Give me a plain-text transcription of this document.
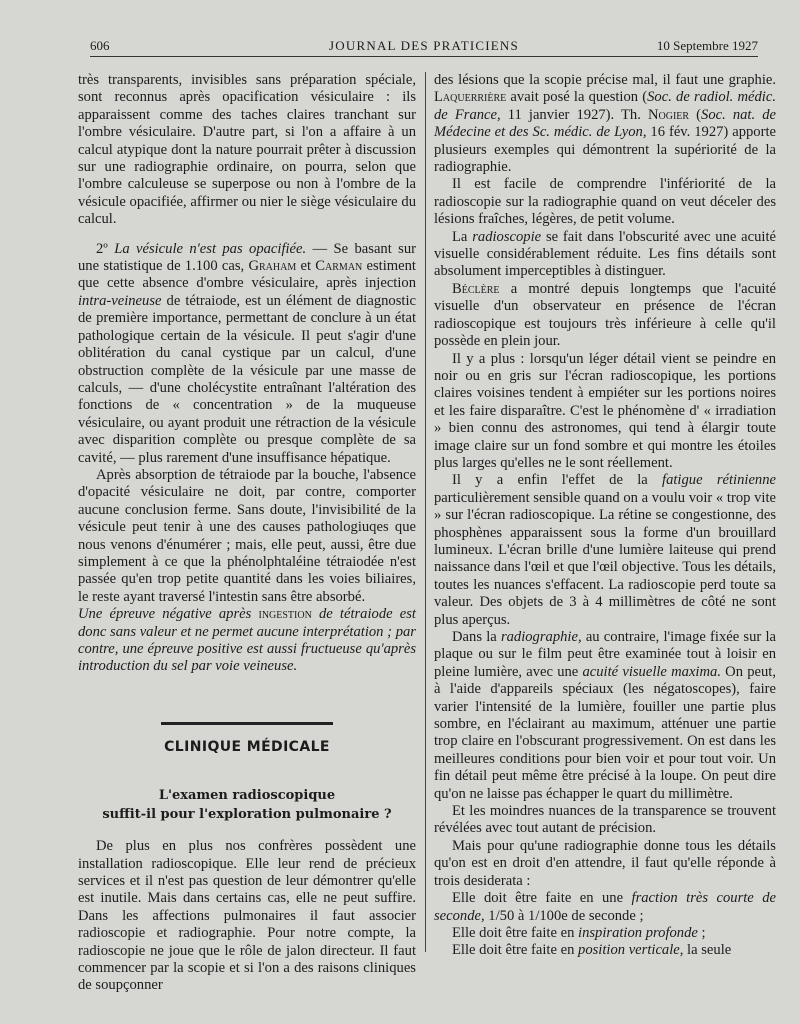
606	JOURNAL DES PRATICIENS	10 Septembre 1927

très transparents, invisibles sans préparation spéciale, sont reconnus après opacification vésiculaire : ils apparaissent comme des taches claires tranchant sur l'ombre vésiculaire. D'autre part, si l'on a affaire à un calcul atypique dont la nature pourrait prêter à discussion sur une radiographie ordinaire, on pourra, selon que l'ombre calculeuse se superpose ou non à l'ombre de la vésicule opacifiée, affirmer ou nier le siège vésiculaire du calcul.

2º La vésicule n'est pas opacifiée. — Se basant sur une statistique de 1.100 cas, Graham et Carman estiment que cette absence d'ombre vésiculaire, après injection intra-veineuse de tétraiode, est un élément de diagnostic de première importance, permettant de conclure à un état pathologique certain de la vésicule. Il peut s'agir d'une oblitération du canal cystique par un calcul, d'une obstruction complète de la vésicule par une masse de calculs, — d'une cholécystite entraînant l'altération des fonctions de « concentration » de la muqueuse vésiculaire, ou ayant produit une rétraction de la vésicule avec disparition complète ou presque complète de sa cavité, — plus rarement d'une insuffisance hépatique.

Après absorption de tétraiode par la bouche, l'absence d'opacité vésiculaire ne doit, par contre, comporter aucune conclusion ferme. Sans doute, l'invisibilité de la vésicule peut tenir à une des causes pathologiuqes que nous venons d'énumérer ; mais, elle peut, aussi, être due simplement à ce que la phénolphtaléine tétraiodée n'est passée qu'en trop petite quantité dans les voies biliaires, le reste ayant traversé l'intestin sans être absorbé.

Une épreuve négative après ingestion de tétraiode est donc sans valeur et ne permet aucune interprétation ; par contre, une épreuve positive est aussi fructueuse qu'après introduction du sel par voie veineuse.

CLINIQUE MÉDICALE
L'examen radioscopique
suffit-il pour l'exploration pulmonaire ?

De plus en plus nos confrères possèdent une installation radioscopique. Elle leur rend de précieux services et il n'est pas question de leur démontrer qu'elle est inutile. Mais dans certains cas, elle ne peut suffire. Dans les affections pulmonaires il faut associer radioscopie et radiographie. Pour notre compte, la radioscopie ne joue que le rôle de jalon directeur. Il faut commencer par la scopie et si l'on a des raisons cliniques de soupçonner

des lésions que la scopie précise mal, il faut une graphie. Laquerrière avait posé la question (Soc. de radiol. médic. de France, 11 janvier 1927). Th. Nogier (Soc. nat. de Médecine et des Sc. médic. de Lyon, 16 fév. 1927) apporte plusieurs exemples qui démontrent la supériorité de la radiographie.

Il est facile de comprendre l'infériorité de la radioscopie sur la radiographie quand on veut déceler des lésions fraîches, légères, de petit volume.

La radioscopie se fait dans l'obscurité avec une acuité visuelle considérablement réduite. Les fins détails sont absolument imperceptibles à distinguer.

Béclère a montré depuis longtemps que l'acuité visuelle d'un observateur en présence de l'écran radioscopique est toujours très inférieure à celle qu'il possède en plein jour.

Il y a plus : lorsqu'un léger détail vient se peindre en noir ou en gris sur l'écran radioscopique, les portions claires voisines tendent à empiéter sur les portions noires et les faire disparaître. C'est le phénomène d' « irradiation » bien connu des astronomes, qui tend à élargir toute image claire sur un fond sombre et qui montre les étoiles plus larges qu'elles ne le sont réellement.

Il y a enfin l'effet de la fatigue rétinienne particulièrement sensible quand on a voulu voir « trop vite » sur l'écran radioscopique. La rétine se congestionne, des phosphènes apparaissent sous la forme d'un brouillard lumineux. L'écran brille d'une lumière laiteuse qui prend naissance dans l'œil et que l'œil objective. Tous les détails, toutes les nuances s'effacent. La radioscopie perd toute sa valeur. Des objets de 3 à 4 millimètres de côté ne sont plus aperçus.

Dans la radiographie, au contraire, l'image fixée sur la plaque ou sur le film peut être examinée tout à loisir en pleine lumière, avec une acuité visuelle maxima. On peut, à l'aide d'appareils spéciaux (les négatoscopes), faire varier l'intensité de la lumière, fouiller une partie plus sombre, en l'éclairant au maximum, atténuer une partie trop claire en l'obscurant progressivement. On est dans les meilleures conditions pour bien voir et pour tout voir. Un fin détail peut même être précisé à la loupe. On peut dire qu'on ne laisse pas échapper le quart du millimètre.

Et les moindres nuances de la transparence se trouvent révélées avec tout autant de précision.

Mais pour qu'une radiographie donne tous les détails qu'on est en droit d'en attendre, il faut qu'elle réponde à trois desiderata :

Elle doit être faite en une fraction très courte de seconde, 1/50 à 1/100e de seconde ;

Elle doit être faite en inspiration profonde ;

Elle doit être faite en position verticale, la seule
